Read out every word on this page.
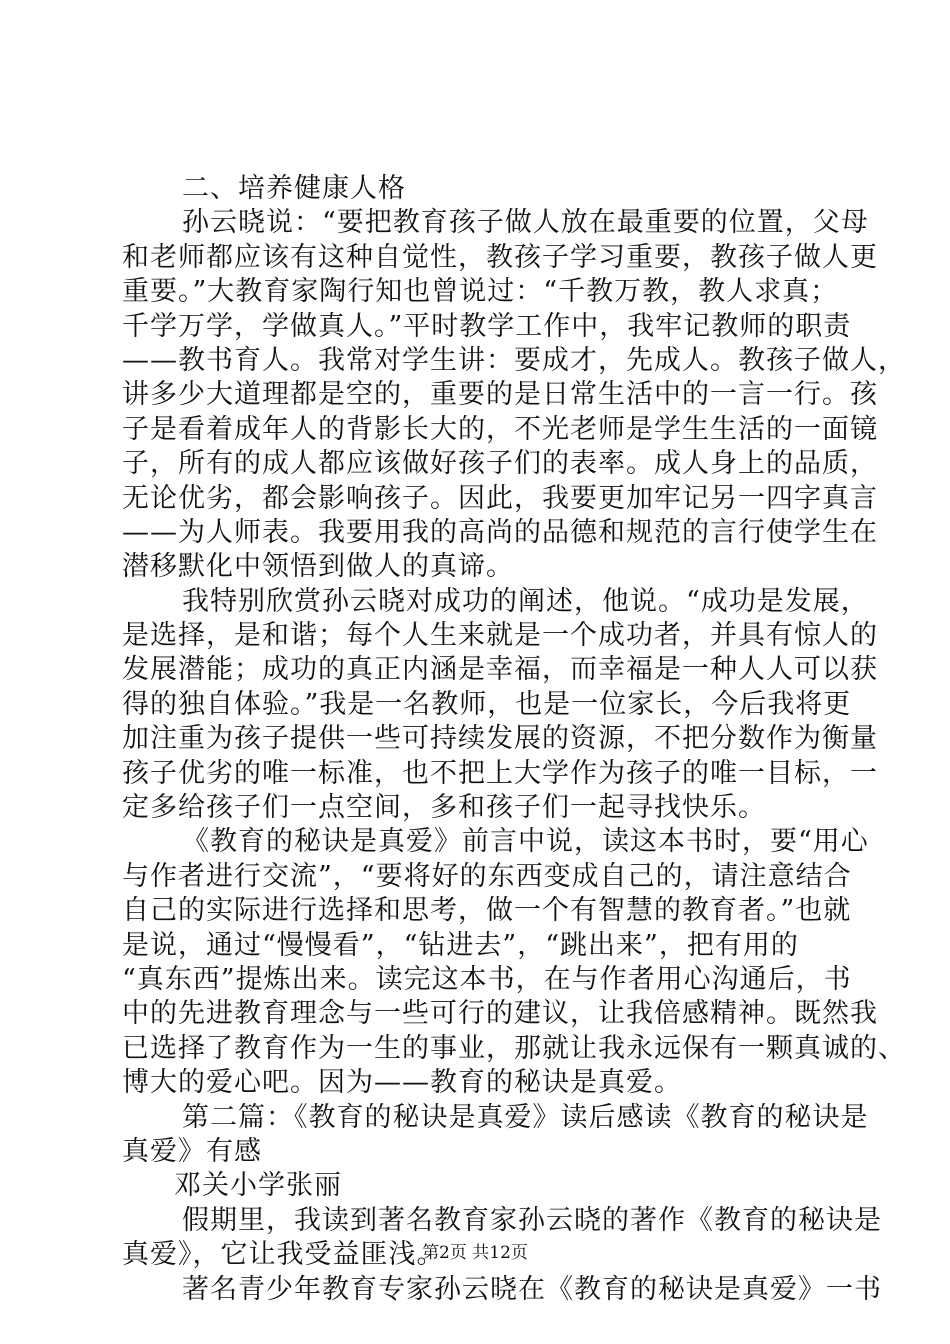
二、培养健康人格
孙云晓说：“要把教育孩子做人放在最重要的位置，父母
和老师都应该有这种自觉性，教孩子学习重要，教孩子做人更
重要。”大教育家陶行知也曾说过：“千教万教，教人求真；
千学万学，学做真人。”平时教学工作中，我牢记教师的职责
——教书育人。我常对学生讲：要成才，先成人。教孩子做人，
讲多少大道理都是空的，重要的是日常生活中的一言一行。孩
子是看着成年人的背影长大的，不光老师是学生生活的一面镜
子，所有的成人都应该做好孩子们的表率。成人身上的品质，
无论优劣，都会影响孩子。因此，我要更加牢记另一四字真言
——为人师表。我要用我的高尚的品德和规范的言行使学生在
潜移默化中领悟到做人的真谛。
我特别欣赏孙云晓对成功的阐述，他说。“成功是发展，
是选择，是和谐；每个人生来就是一个成功者，并具有惊人的
发展潜能；成功的真正内涵是幸福，而幸福是一种人人可以获
得的独自体验。”我是一名教师，也是一位家长，今后我将更
加注重为孩子提供一些可持续发展的资源，不把分数作为衡量
孩子优劣的唯一标准，也不把上大学作为孩子的唯一目标，一
定多给孩子们一点空间，多和孩子们一起寻找快乐。
《教育的秘诀是真爱》前言中说，读这本书时，要“用心
与作者进行交流”，“要将好的东西变成自己的，请注意结合
自己的实际进行选择和思考，做一个有智慧的教育者。”也就
是说，通过“慢慢看”，“钻进去”，“跳出来”，把有用的
“真东西”提炼出来。读完这本书，在与作者用心沟通后，书
中的先进教育理念与一些可行的建议，让我倍感精神。既然我
已选择了教育作为一生的事业，那就让我永远保有一颗真诚的、
博大的爱心吧。因为——教育的秘诀是真爱。
第二篇：《教育的秘诀是真爱》读后感读《教育的秘诀是
真爱》有感
邓关小学张丽
假期里，我读到著名教育家孙云晓的著作《教育的秘诀是
真爱》，它让我受益匪浅。
著名青少年教育专家孙云晓在《教育的秘诀是真爱》一书
第2页 共12页
